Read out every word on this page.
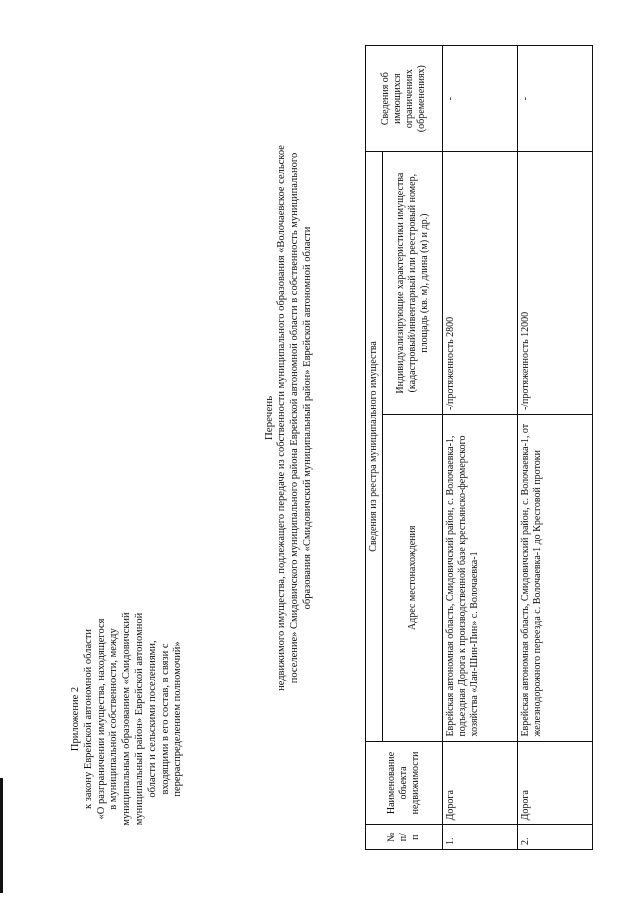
Приложение 2 к закону Еврейской автономной области «О разграничении имущества, находящегося в муниципальной собственности, между муниципальным образованием «Смидовичский муниципальный район» Еврейской автономной области и сельскими поселениями, входящими в его состав, в связи с перераспределением полномочий»
Перечень недвижимого имущества, подлежащего передаче из собственности муниципального образования «Волочаевское сельское поселение» Смидовичского муниципального района Еврейской автономной области в собственность муниципального образования «Смидовичский муниципальный район» Еврейской автономной области
№ п/ п	Наименование объекта недвижимости	Сведения из реестра муниципального имущества		Сведения об имеющихся ограничениях (обременениях)
		Адрес местонахождения	Индивидуализирующие характеристики имущества (кадастровый/инвентарный или реестровый номер, площадь (кв. м), длина (м) и др.)	
1.	Дорога	Еврейская автономная область, Смидовичский район, с. Волочаевка-1, подъездная Дорога к производственной базе крестьянско-фермерского хозяйства «Лан-Шин-Пин» с. Волочаевка-1	-/протяженность 2800	-
2.	Дорога	Еврейская автономная область, Смидовичский район, с. Волочаевка-1, от железнодорожного переезда с. Волочаевка-1 до Кресговой протоки	-/протяженность 12000	-
